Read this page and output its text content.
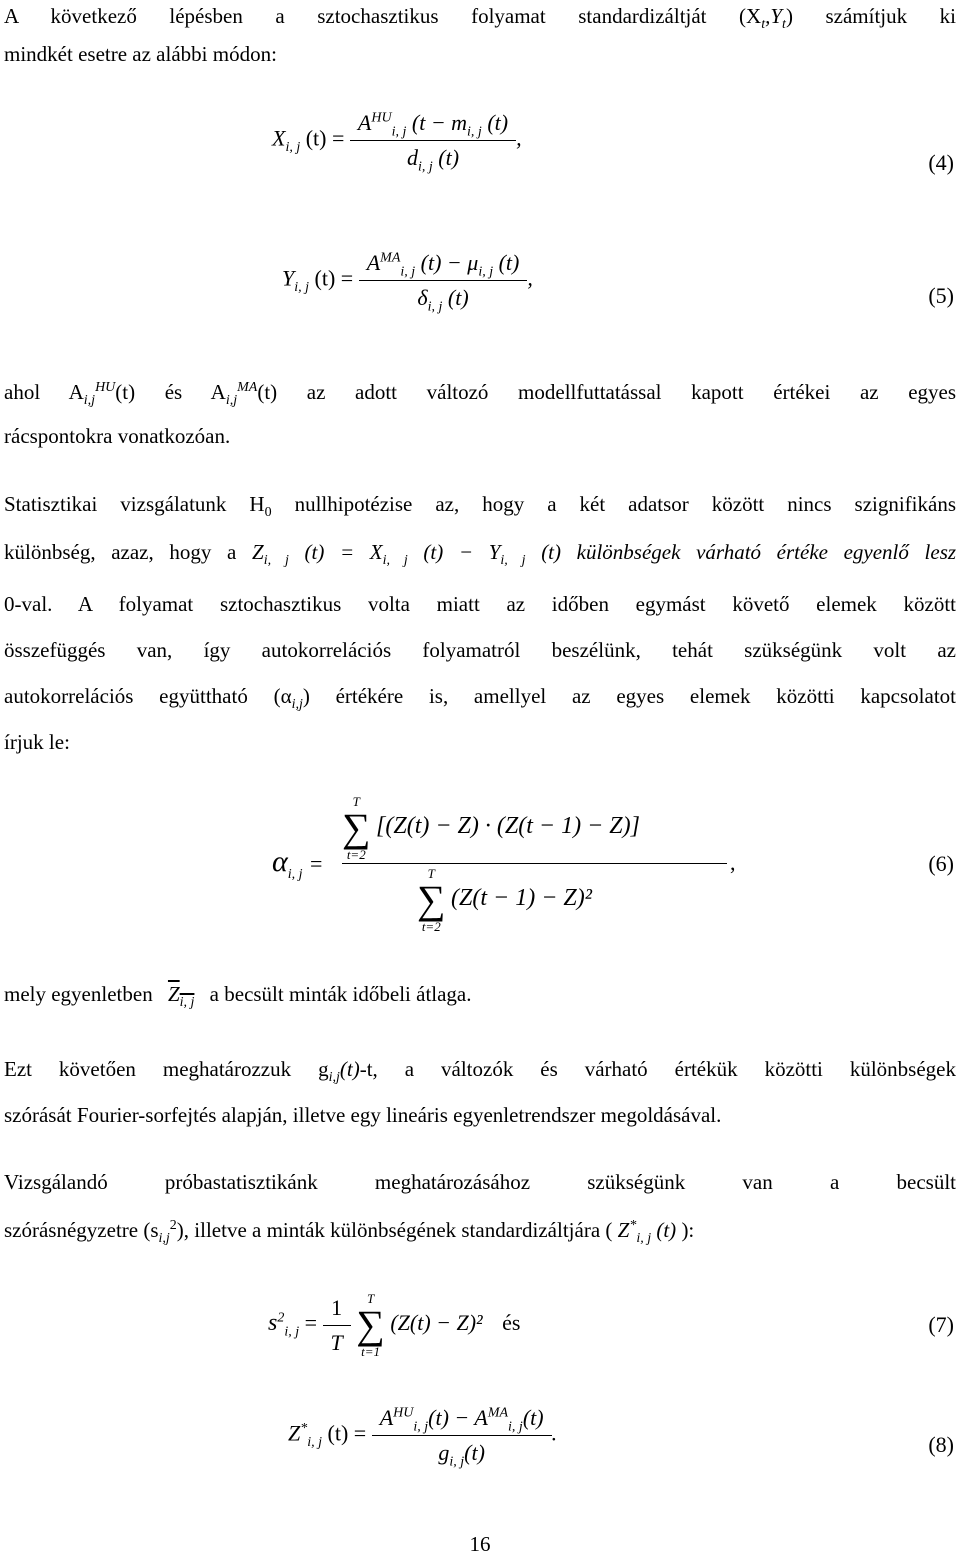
A következő lépésben a sztochasztikus folyamat standardizáltját $(X_t,Y_t)$ számítjuk ki
mindkét esetre az alábbi módon:
$X_{i, j}$ $(t) = \frac{A^{HU}_{i, j} (t - m_{i, j} (t)}{d_{i, j} (t)}$ ,
(4)
$Y_{i, j}$ $(t) = \frac{A^{MA}_{i, j} (t) - \mu_{i, j} (t)}{\delta_{i, j} (t)}$ ,
(5)
ahol $A_{i,j}^{HU}(t)$ és $A_{i,j}^{MA}(t)$ az adott változó modellfuttatással kapott értékei az egyes
rácspontokra vonatkozóan.
Statisztikai vizsgálatunk $H_0$ nullhipotézise az, hogy a két adatsor között nincs szignifikáns
különbség, azaz, hogy a $Z_{i, j}$ $(t) = X_{i, j}$ $(t) - Y_{i, j}$ (t) különbségek várható értéke egyenlő lesz
0-val. A folyamat sztochasztikus volta miatt az időben egymást követő elemek között
összefüggés van, így autokorrelációs folyamatról beszélünk, tehát szükségünk volt az
autokorrelációs együttható $(\alpha_{i,j})$ értékére is, amellyel az egyes elemek közötti kapcsolatot
írjuk le:
$\alpha_{i, j}$ =
T
∑
t=2
[(Z(t) − Z) · (Z(t − 1) − Z)]
T
∑
t=2
(Z(t − 1) − Z)²
,	(6)
mely egyenletben $Z_{i, j}$ a becsült minták időbeli átlaga.
Ezt követően meghatározzuk $g_{i,j}(t)-t$, a változók és várható értékük közötti különbségek
szórását Fourier-sorfejtés alapján, illetve egy lineáris egyenletrendszer megoldásával.
Vizsgálandó próbastatisztikánk meghatározásához szükségünk van a becsült
szórásnégyzetre $(s_{i,j}^2)$, illetve a minták különbségének standardizáltjára ( $Z^*_{i, j}$ (t) ):
$s^2_{i, j} = \frac{1}{T}$
	T
∑
t=1
(Z(t) − Z)² és	(7)
$Z^*_{i, j}$ $(t) = \frac{A^{HU}_{i, j}(t) - A^{MA}_{i, j}(t)}{g_{i, j}(t)}$ .	(8)
16
